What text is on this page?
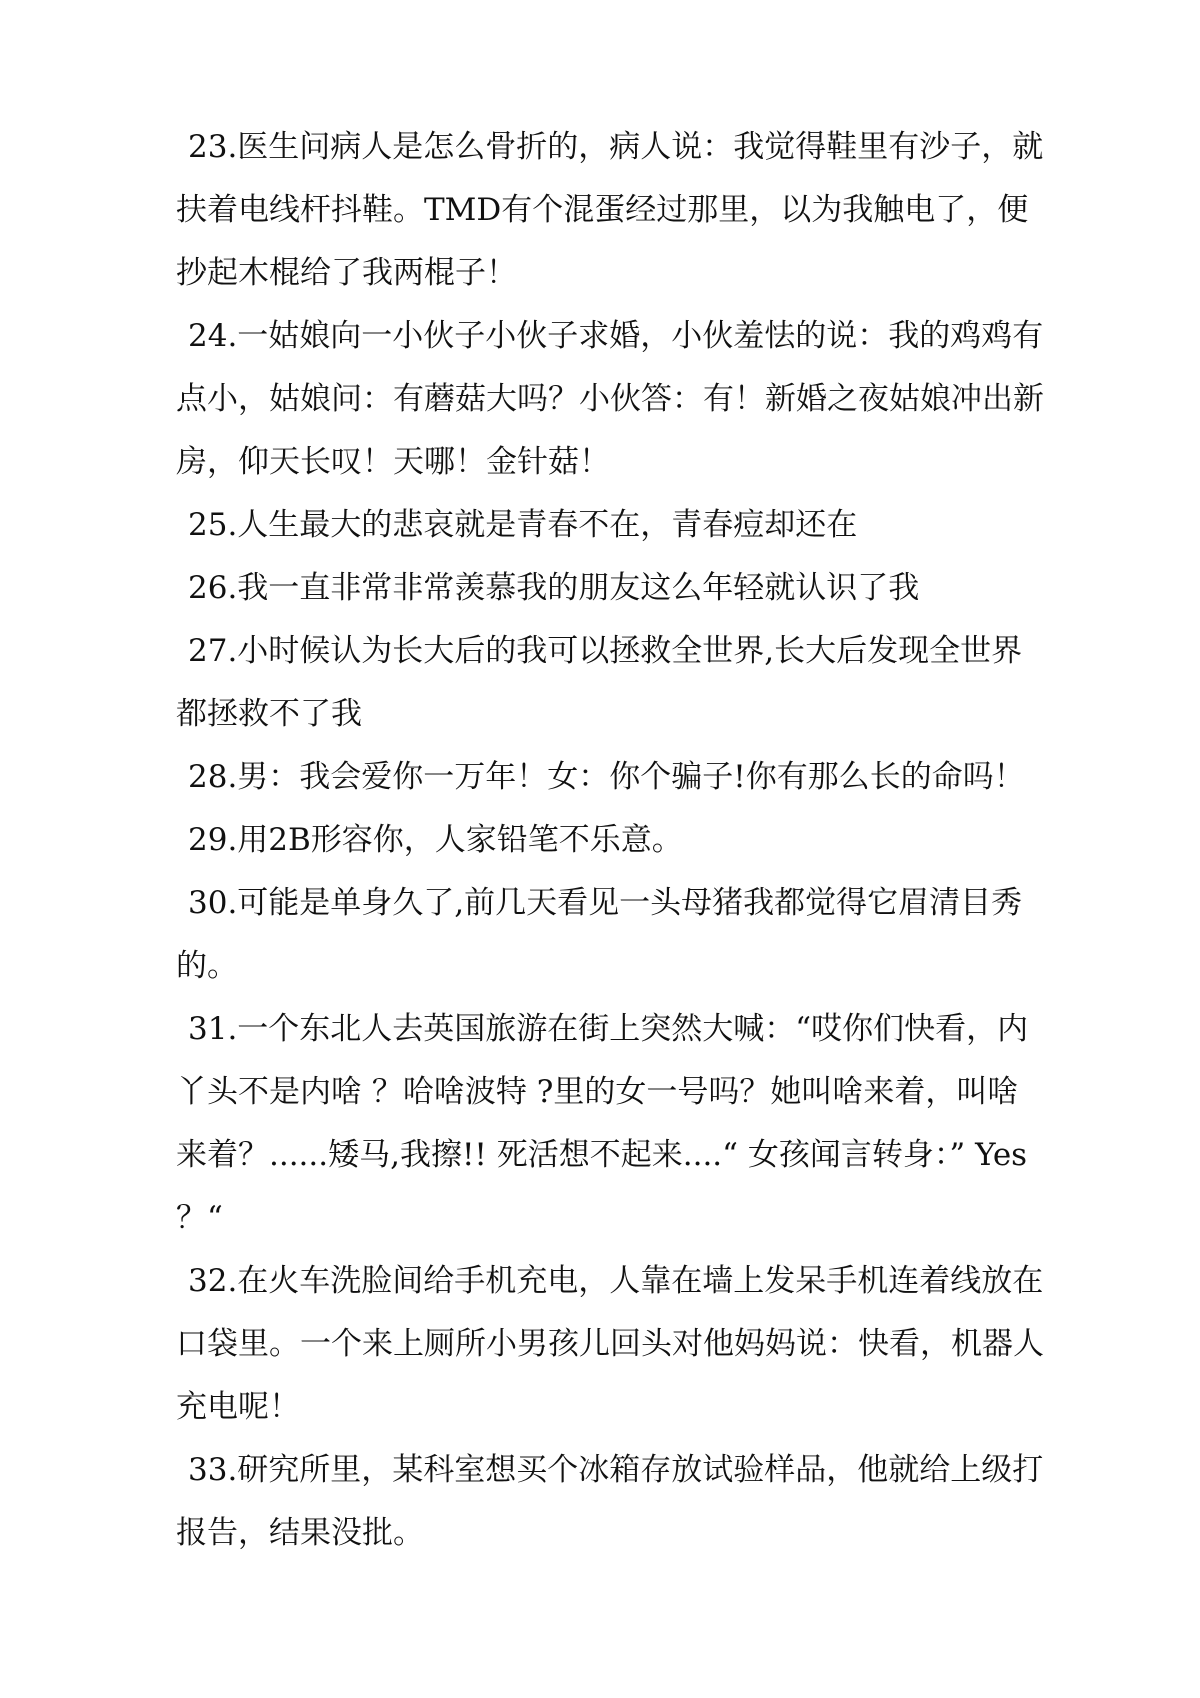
23.医生问病人是怎么骨折的，病人说：我觉得鞋里有沙子，就扶着电线杆抖鞋。TMD有个混蛋经过那里，以为我触电了，便抄起木棍给了我两棍子！

24.一姑娘向一小伙子小伙子求婚，小伙羞怯的说：我的鸡鸡有点小，姑娘问：有蘑菇大吗？小伙答：有！新婚之夜姑娘冲出新房，仰天长叹！天哪！金针菇！

25.人生最大的悲哀就是青春不在，青春痘却还在

26.我一直非常非常羡慕我的朋友这么年轻就认识了我

27.小时候认为长大后的我可以拯救全世界,长大后发现全世界都拯救不了我

28.男：我会爱你一万年！女：你个骗子!你有那么长的命吗！

29.用2B形容你，人家铅笔不乐意。

30.可能是单身久了,前几天看见一头母猪我都觉得它眉清目秀的。

31.一个东北人去英国旅游在街上突然大喊：“哎你们快看，内丫头不是内啥 ？哈啥波特 ?里的女一号吗？她叫啥来着，叫啥来着？......矮马,我擦!! 死活想不起来....“ 女孩闻言转身：” Yes ？“

32.在火车洗脸间给手机充电，人靠在墙上发呆手机连着线放在口袋里。一个来上厕所小男孩儿回头对他妈妈说：快看，机器人充电呢！

33.研究所里，某科室想买个冰箱存放试验样品，他就给上级打报告，结果没批。
